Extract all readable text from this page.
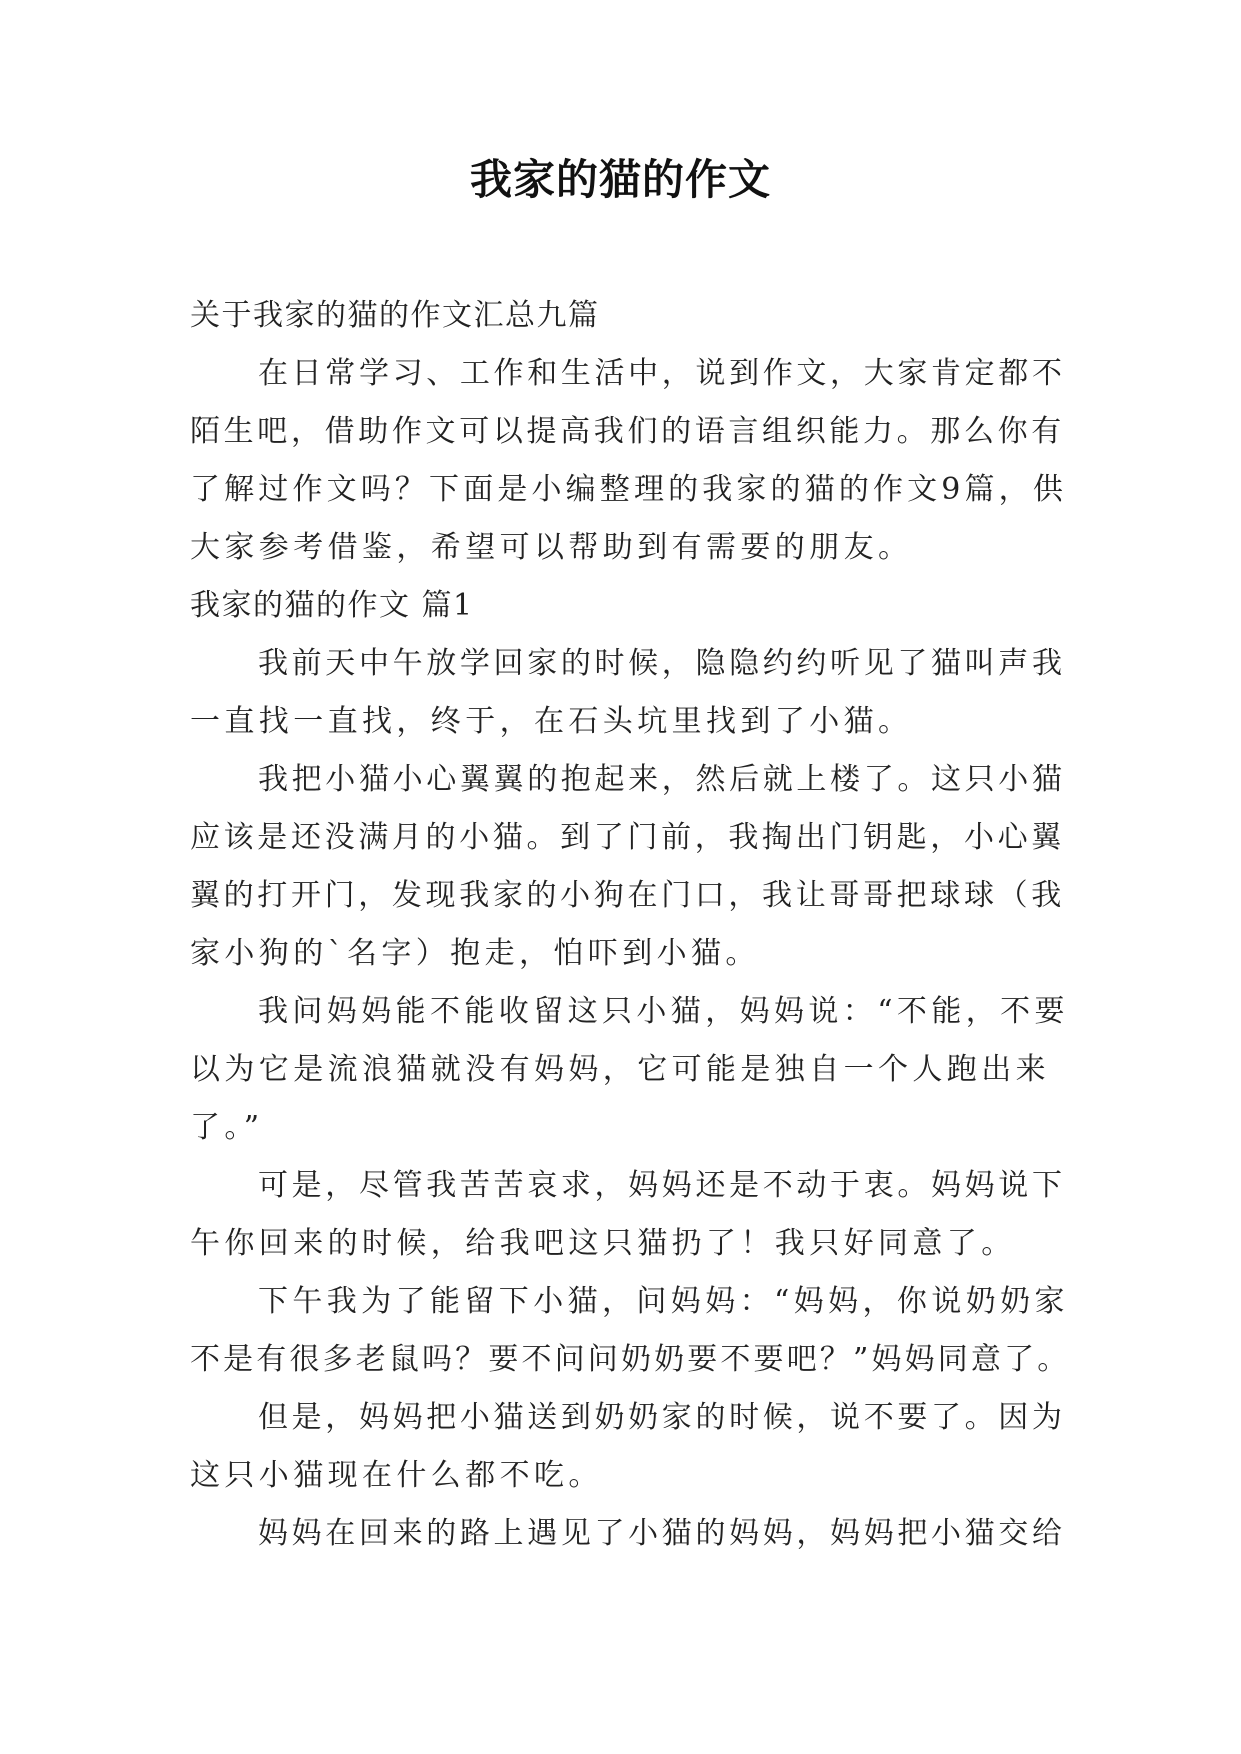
我家的猫的作文
关于我家的猫的作文汇总九篇
在日常学习、工作和生活中，说到作文，大家肯定都不
陌生吧，借助作文可以提高我们的语言组织能力。那么你有
了解过作文吗？下面是小编整理的我家的猫的作文9篇，供
大家参考借鉴，希望可以帮助到有需要的朋友。
我家的猫的作文 篇1
我前天中午放学回家的时候，隐隐约约听见了猫叫声我
一直找一直找，终于，在石头坑里找到了小猫。
我把小猫小心翼翼的抱起来，然后就上楼了。这只小猫
应该是还没满月的小猫。到了门前，我掏出门钥匙，小心翼
翼的打开门，发现我家的小狗在门口，我让哥哥把球球（我
家小狗的`名字）抱走，怕吓到小猫。
我问妈妈能不能收留这只小猫，妈妈说：“不能，不要
以为它是流浪猫就没有妈妈，它可能是独自一个人跑出来
了。”
可是，尽管我苦苦哀求，妈妈还是不动于衷。妈妈说下
午你回来的时候，给我吧这只猫扔了！我只好同意了。
下午我为了能留下小猫，问妈妈：“妈妈，你说奶奶家
不是有很多老鼠吗？要不问问奶奶要不要吧？”妈妈同意了。
但是，妈妈把小猫送到奶奶家的时候，说不要了。因为
这只小猫现在什么都不吃。
妈妈在回来的路上遇见了小猫的妈妈，妈妈把小猫交给
